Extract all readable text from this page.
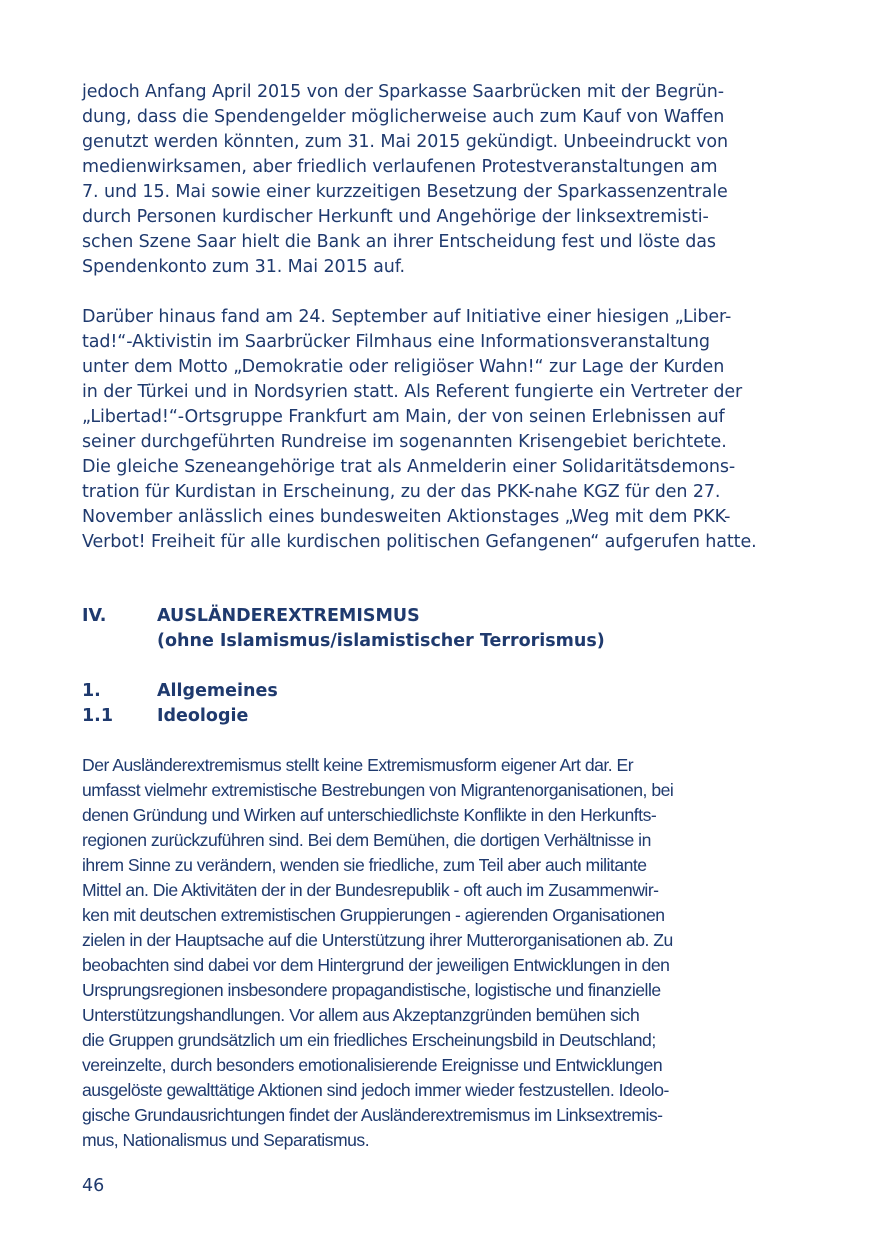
jedoch Anfang April 2015 von der Sparkasse Saarbrücken mit der Begrün-
dung, dass die Spendengelder möglicherweise auch zum Kauf von Waffen
genutzt werden könnten, zum 31. Mai 2015 gekündigt. Unbeeindruckt von
medienwirksamen, aber friedlich verlaufenen Protestveranstaltungen am
7. und 15. Mai sowie einer kurzzeitigen Besetzung der Sparkassenzentrale
durch Personen kurdischer Herkunft und Angehörige der linksextremisti-
schen Szene Saar hielt die Bank an ihrer Entscheidung fest und löste das
Spendenkonto zum 31. Mai 2015 auf.
Darüber hinaus fand am 24. September auf Initiative einer hiesigen „Liber-
tad!“-Aktivistin im Saarbrücker Filmhaus eine Informationsveranstaltung
unter dem Motto „Demokratie oder religiöser Wahn!“ zur Lage der Kurden
in der Türkei und in Nordsyrien statt. Als Referent fungierte ein Vertreter der
„Libertad!“-Ortsgruppe Frankfurt am Main, der von seinen Erlebnissen auf
seiner durchgeführten Rundreise im sogenannten Krisengebiet berichtete.
Die gleiche Szeneangehörige trat als Anmelderin einer Solidaritätsdemons-
tration für Kurdistan in Erscheinung, zu der das PKK-nahe KGZ für den 27.
November anlässlich eines bundesweiten Aktionstages „Weg mit dem PKK-
Verbot! Freiheit für alle kurdischen politischen Gefangenen“ aufgerufen hatte.
IV.	AUSLÄNDEREXTREMISMUS
(ohne Islamismus/islamistischer Terrorismus)
1.	Allgemeines
1.1	Ideologie
Der Ausländerextremismus stellt keine Extremismusform eigener Art dar. Er
umfasst vielmehr extremistische Bestrebungen von Migrantenorganisationen, bei
denen Gründung und Wirken auf unterschiedlichste Konflikte in den Herkunfts-
regionen zurückzuführen sind. Bei dem Bemühen, die dortigen Verhältnisse in
ihrem Sinne zu verändern, wenden sie friedliche, zum Teil aber auch militante
Mittel an. Die Aktivitäten der in der Bundesrepublik - oft auch im Zusammenwir-
ken mit deutschen extremistischen Gruppierungen - agierenden Organisationen
zielen in der Hauptsache auf die Unterstützung ihrer Mutterorganisationen ab. Zu
beobachten sind dabei vor dem Hintergrund der jeweiligen Entwicklungen in den
Ursprungsregionen insbesondere propagandistische, logistische und finanzielle
Unterstützungshandlungen. Vor allem aus Akzeptanzgründen bemühen sich
die Gruppen grundsätzlich um ein friedliches Erscheinungsbild in Deutschland;
vereinzelte, durch besonders emotionalisierende Ereignisse und Entwicklungen
ausgelöste gewalttätige Aktionen sind jedoch immer wieder festzustellen. Ideolo-
gische Grundausrichtungen findet der Ausländerextremismus im Linksextremis-
mus, Nationalismus und Separatismus.
46
